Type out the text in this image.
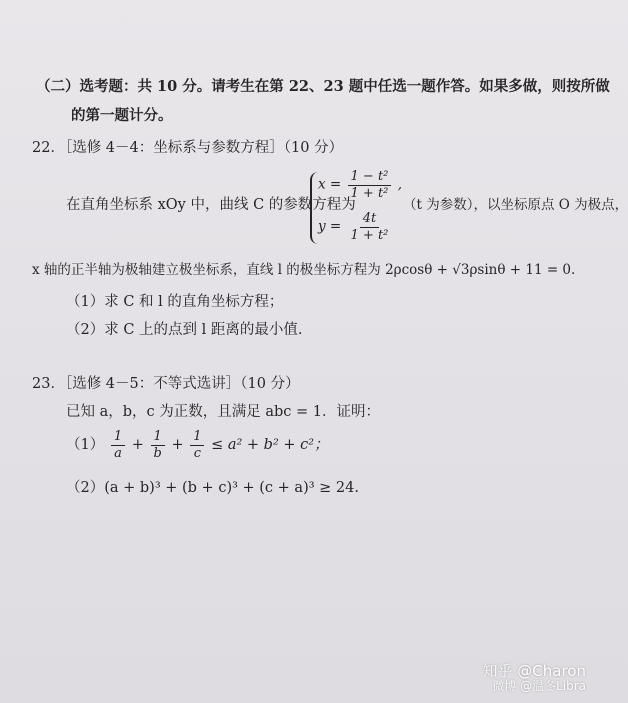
（二）选考题：共 10 分。请考生在第 22、23 题中任选一题作答。如果多做，则按所做
的第一题计分。
22．［选修 4－4：坐标系与参数方程］（10 分）
在直角坐标系 xOy 中，曲线 C 的参数方程为
$x = \frac{\text{1 − t²}}{\text{1 + t²}}$ ,
$y = \frac{4t}{\text{1 + t²}}$
（t 为参数），以坐标原点 O 为极点，
x 轴的正半轴为极轴建立极坐标系，直线 l 的极坐标方程为 2ρcosθ + √3ρsinθ + 11 = 0.
（1）求 C 和 l 的直角坐标方程；
（2）求 C 上的点到 l 距离的最小值.
23．［选修 4－5：不等式选讲］（10 分）
已知 a，b，c 为正数，且满足 abc = 1．证明：
$(1) \frac{1}{a} + \frac{1}{b} + \frac{1}{c} \le a^2 + b^2 + c^2$；
（2）(a + b)³ + (b + c)³ + (c + a)³ ≥ 24.
知乎 @Charon
微博 @温冬Libra
